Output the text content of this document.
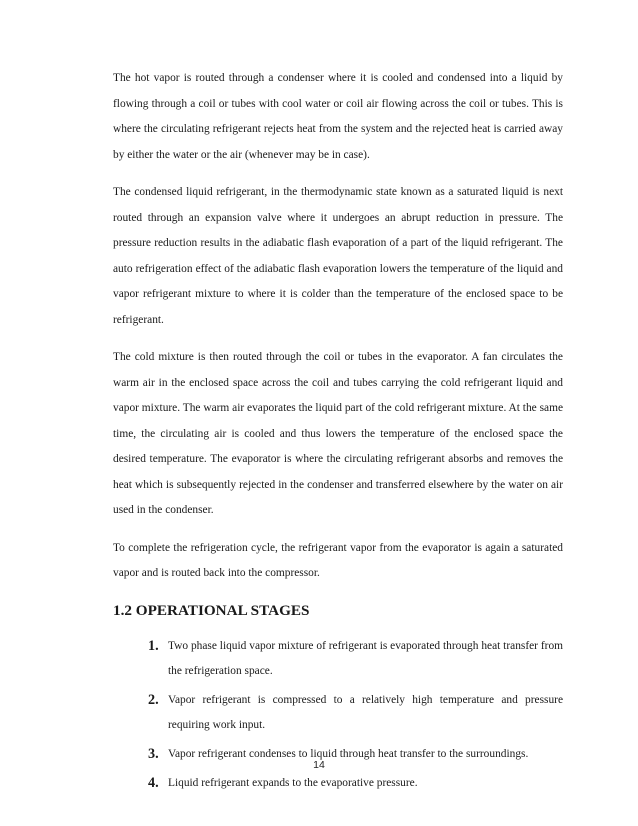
The hot vapor is routed through a condenser where it is cooled and condensed into a liquid by flowing through a coil or tubes with cool water or coil air flowing across the coil or tubes. This is where the circulating refrigerant rejects heat from the system and the rejected heat is carried away by either the water or the air (whenever may be in case).

The condensed liquid refrigerant, in the thermodynamic state known as a saturated liquid is next routed through an expansion valve where it undergoes an abrupt reduction in pressure. The pressure reduction results in the adiabatic flash evaporation of a part of the liquid refrigerant. The auto refrigeration effect of the adiabatic flash evaporation lowers the temperature of the liquid and vapor refrigerant mixture to where it is colder than the temperature of the enclosed space to be refrigerant.

The cold mixture is then routed through the coil or tubes in the evaporator. A fan circulates the warm air in the enclosed space across the coil and tubes carrying the cold refrigerant liquid and vapor mixture. The warm air evaporates the liquid part of the cold refrigerant mixture. At the same time, the circulating air is cooled and thus lowers the temperature of the enclosed space the desired temperature. The evaporator is where the circulating refrigerant absorbs and removes the heat which is subsequently rejected in the condenser and transferred elsewhere by the water on air used in the condenser.

To complete the refrigeration cycle, the refrigerant vapor from the evaporator is again a saturated vapor and is routed back into the compressor.

1.2 OPERATIONAL STAGES
1. Two phase liquid vapor mixture of refrigerant is evaporated through heat transfer from the refrigeration space.
2. Vapor refrigerant is compressed to a relatively high temperature and pressure requiring work input.
3. Vapor refrigerant condenses to liquid through heat transfer to the surroundings.
4. Liquid refrigerant expands to the evaporative pressure.
14
